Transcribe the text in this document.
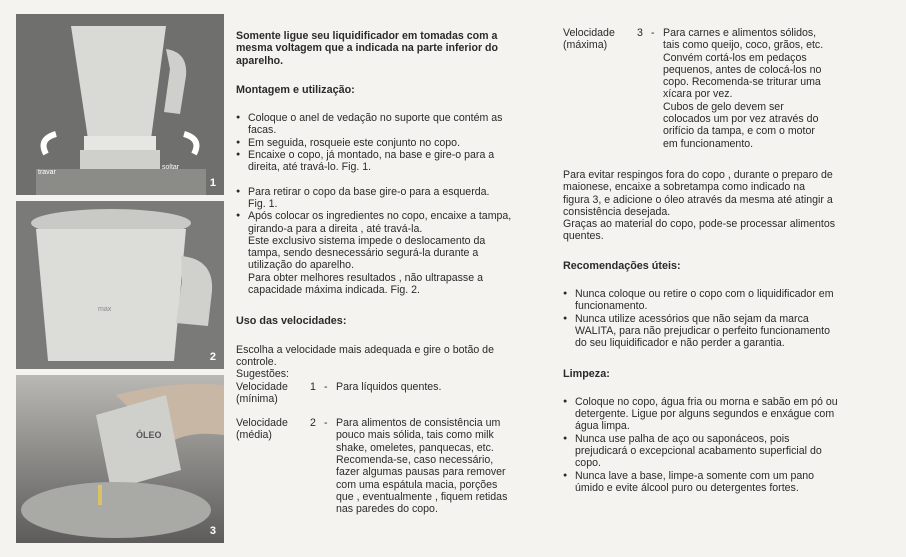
travar
soltar
1
max
2
ÓLEO
3
Somente ligue seu liquidificador em tomadas com a
mesma voltagem que a indicada na parte inferior do
aparelho.
Montagem e utilização:
● Coloque o anel de vedação no suporte que contém as
facas.
● Em seguida, rosqueie este conjunto no copo.
● Encaixe o copo, já montado, na base e gire-o para a
direita, até travá-lo. Fig. 1.
● Para retirar o copo da base gire-o para a esquerda.
Fig. 1.
● Após colocar os ingredientes no copo, encaixe a tampa,
girando-a para a direita , até travá-la.
Este exclusivo sistema impede o deslocamento da
tampa, sendo desnecessário segurá-la durante a
utilização do aparelho.
Para obter melhores resultados , não ultrapasse a
capacidade máxima indicada. Fig. 2.
Uso das velocidades:

Escolha a velocidade mais adequada e gire o botão de
controle.

Sugestões:

Velocidade
(mínima)
1 - Para líquidos quentes.
Velocidade
(média)
2 - Para alimentos de consistência um
pouco mais sólida, tais como milk
shake, omeletes, panquecas, etc.
Recomenda-se, caso necessário,
fazer algumas pausas para remover
com uma espátula macia, porções
que , eventualmente , fiquem retidas
nas paredes do copo.
Velocidade
(máxima)
3 - Para carnes e alimentos sólidos,
tais como queijo, coco, grãos, etc.
Convém cortá-los em pedaços
pequenos, antes de colocá-los no
copo. Recomenda-se triturar uma
xícara por vez.
Cubos de gelo devem ser
colocados um por vez através do
orifício da tampa, e com o motor
em funcionamento.

Para evitar respingos fora do copo , durante o preparo de
maionese, encaixe a sobretampa como indicado na
figura 3, e adicione o óleo através da mesma até atingir a
consistência desejada.
Graças ao material do copo, pode-se processar alimentos
quentes.

Recomendações úteis:
● Nunca coloque ou retire o copo com o liquidificador em
funcionamento.
● Nunca utilize acessórios que não sejam da marca
WALITA, para não prejudicar o perfeito funcionamento
do seu liquidificador e não perder a garantia.
Limpeza:
● Coloque no copo, água fria ou morna e sabão em pó ou
detergente. Ligue por alguns segundos e enxágue com
água limpa.
● Nunca use palha de aço ou saponáceos, pois
prejudicará o excepcional acabamento superficial do
copo.
● Nunca lave a base, limpe-a somente com um pano
úmido e evite álcool puro ou detergentes fortes.
